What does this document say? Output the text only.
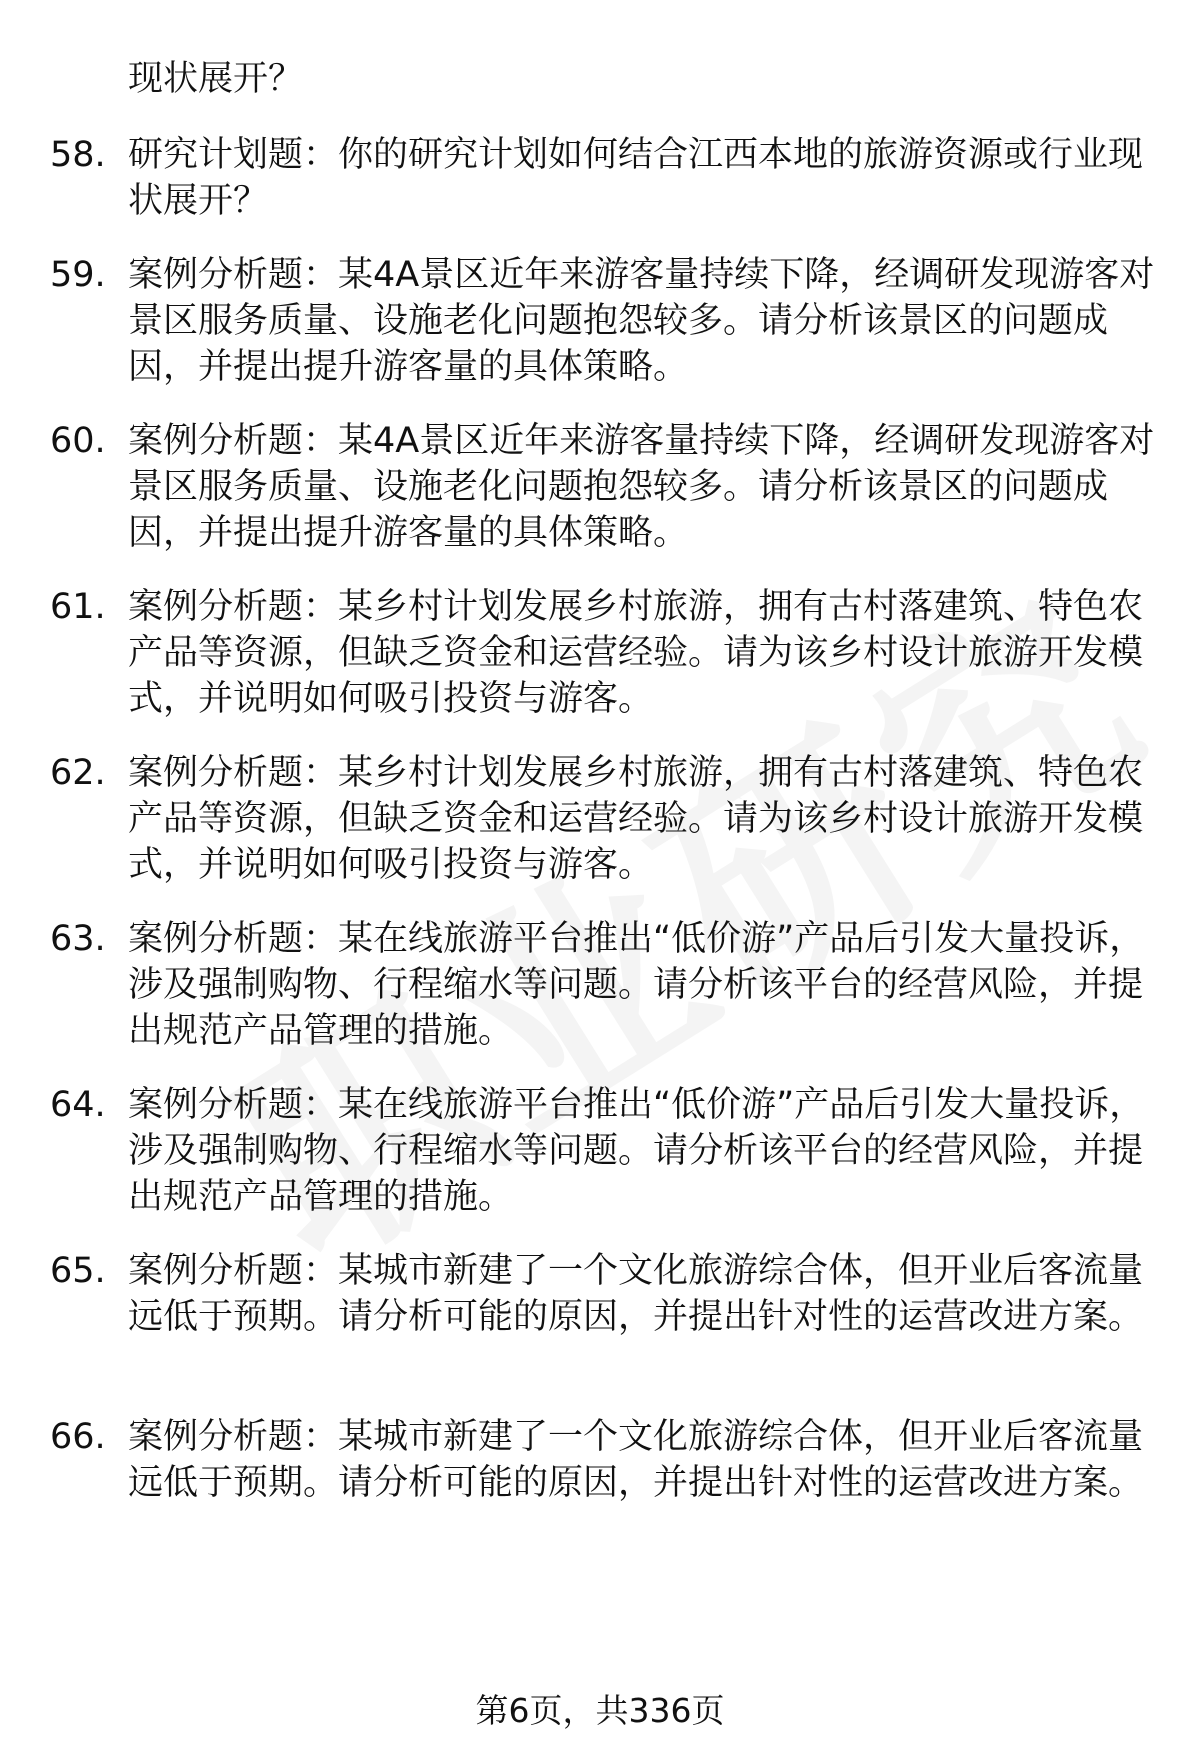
现状展开？
58. 研究计划题：你的研究计划如何结合江西本地的旅游资源或行业现状展开？
59. 案例分析题：某4A景区近年来游客量持续下降，经调研发现游客对景区服务质量、设施老化问题抱怨较多。请分析该景区的问题成因，并提出提升游客量的具体策略。
60. 案例分析题：某4A景区近年来游客量持续下降，经调研发现游客对景区服务质量、设施老化问题抱怨较多。请分析该景区的问题成因，并提出提升游客量的具体策略。
61. 案例分析题：某乡村计划发展乡村旅游，拥有古村落建筑、特色农产品等资源，但缺乏资金和运营经验。请为该乡村设计旅游开发模式，并说明如何吸引投资与游客。
62. 案例分析题：某乡村计划发展乡村旅游，拥有古村落建筑、特色农产品等资源，但缺乏资金和运营经验。请为该乡村设计旅游开发模式，并说明如何吸引投资与游客。
63. 案例分析题：某在线旅游平台推出“低价游”产品后引发大量投诉，涉及强制购物、行程缩水等问题。请分析该平台的经营风险，并提出规范产品管理的措施。
64. 案例分析题：某在线旅游平台推出“低价游”产品后引发大量投诉，涉及强制购物、行程缩水等问题。请分析该平台的经营风险，并提出规范产品管理的措施。
65. 案例分析题：某城市新建了一个文化旅游综合体，但开业后客流量远低于预期。请分析可能的原因，并提出针对性的运营改进方案。
66. 案例分析题：某城市新建了一个文化旅游综合体，但开业后客流量远低于预期。请分析可能的原因，并提出针对性的运营改进方案。
第6页，共336页
